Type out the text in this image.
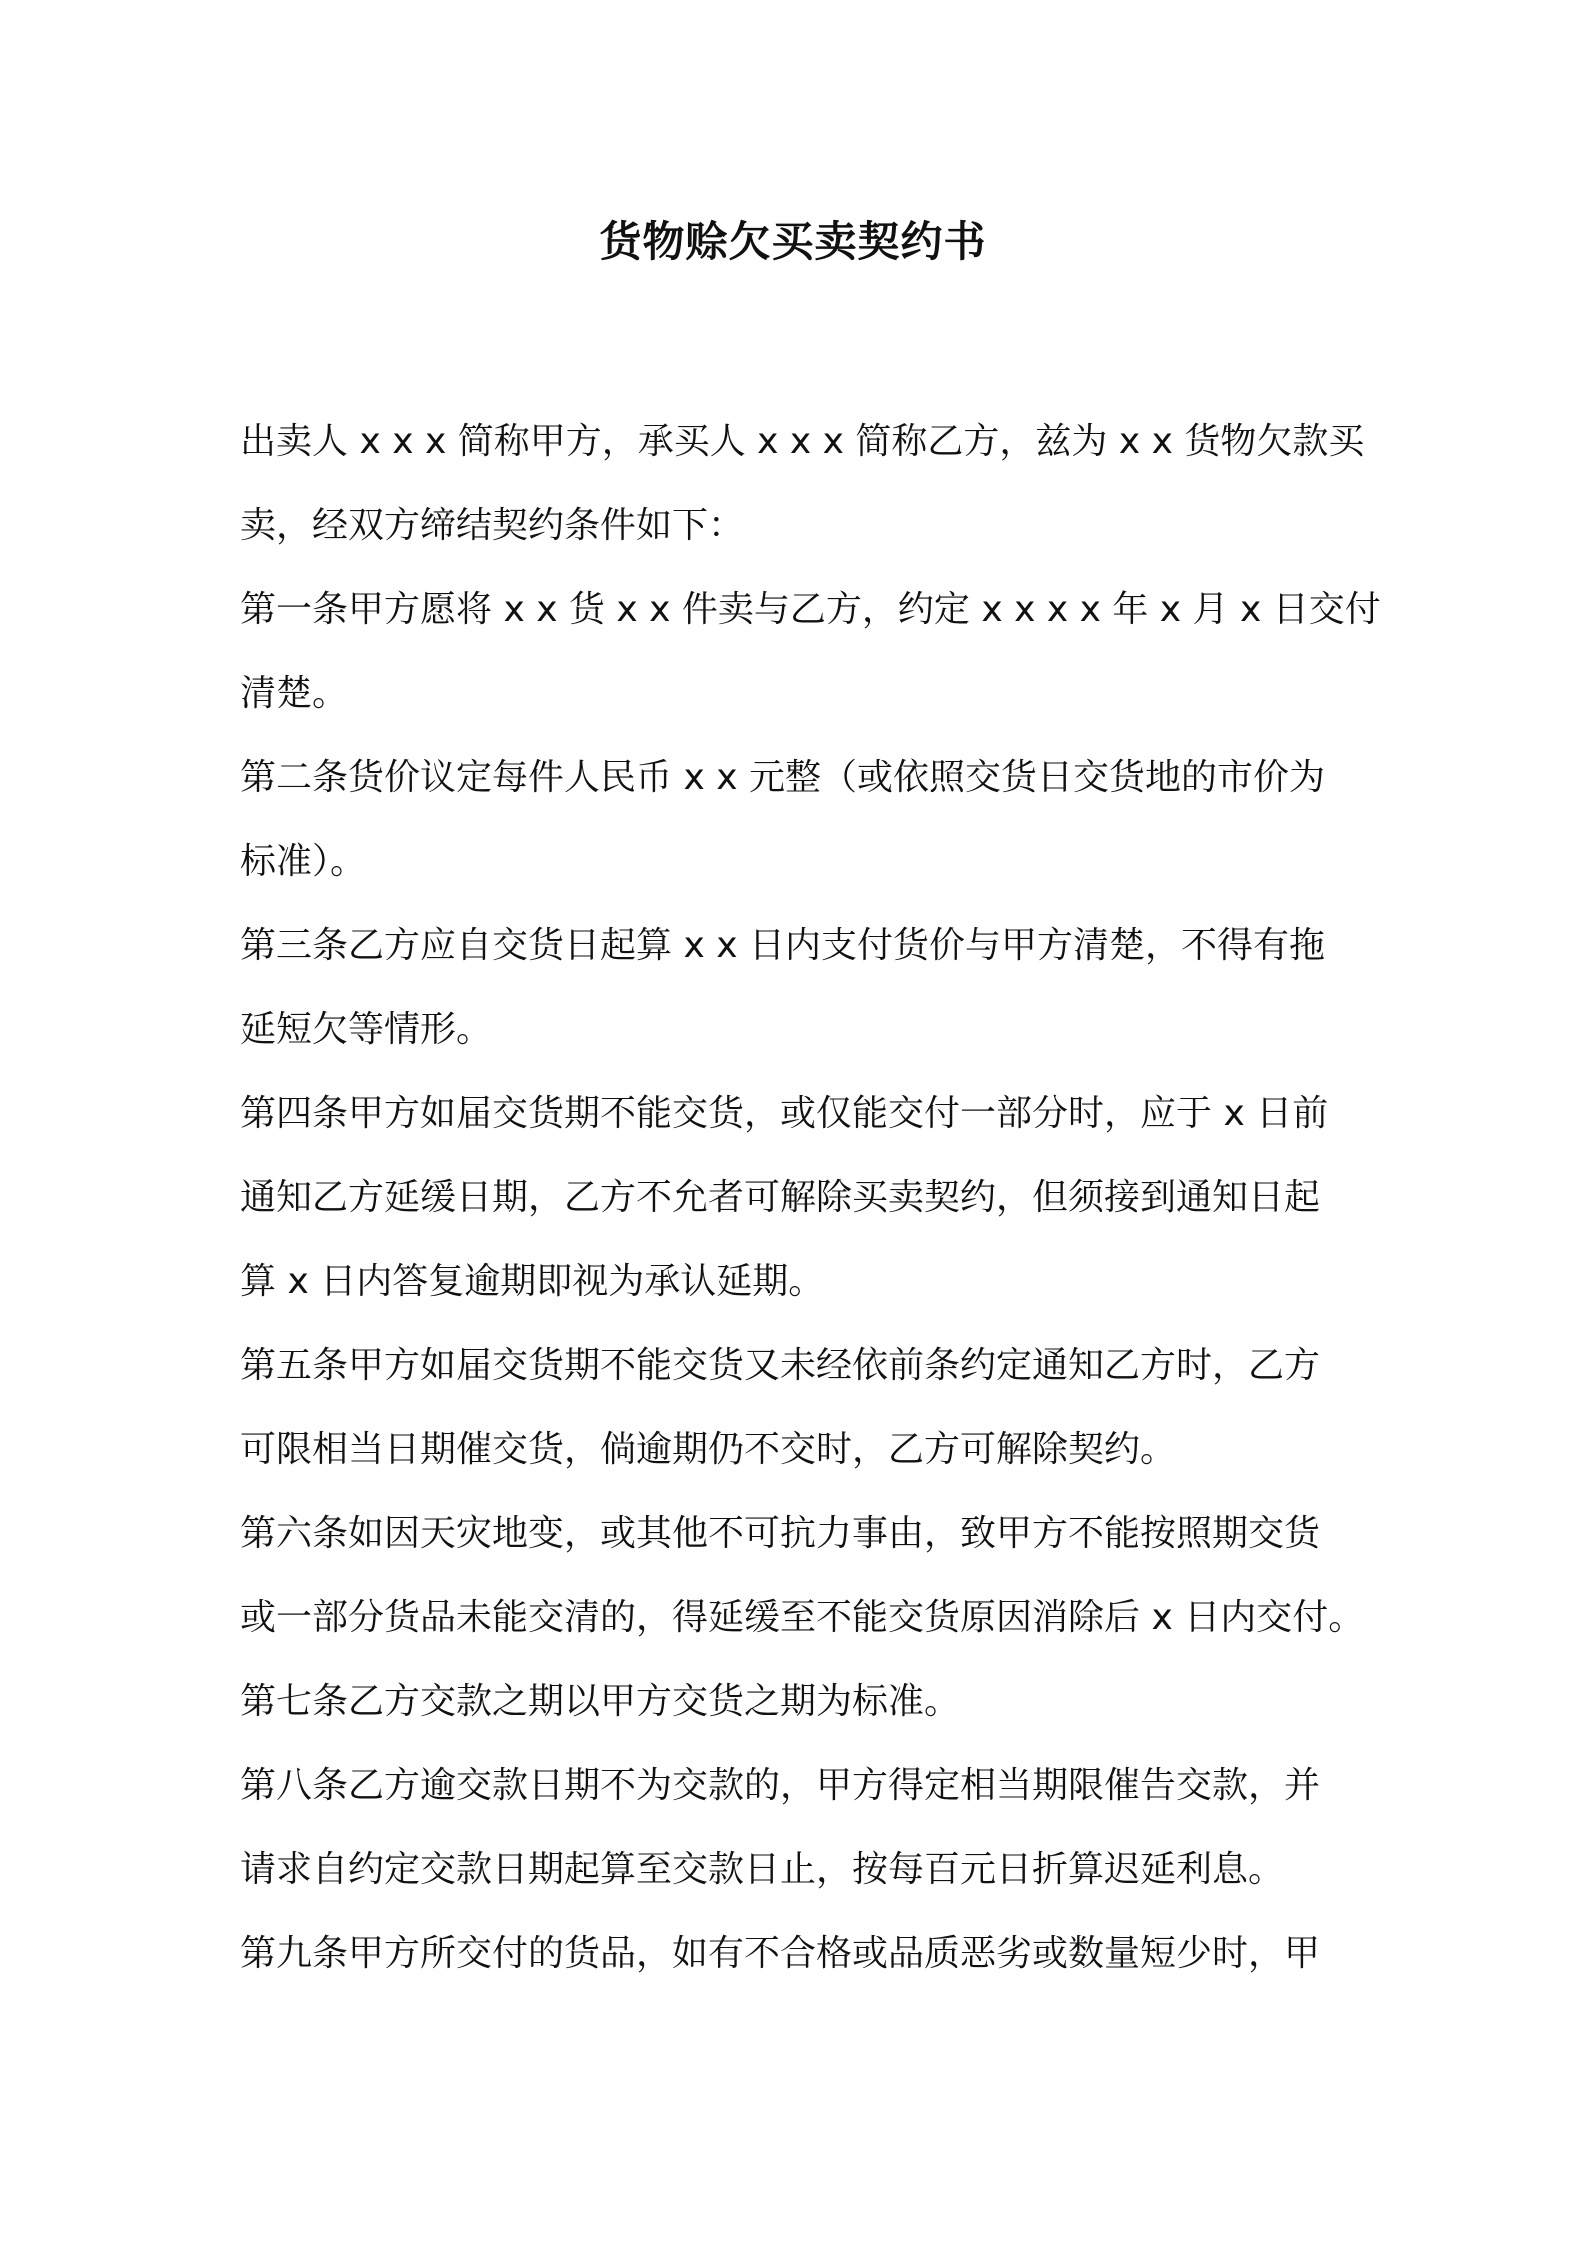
货物赊欠买卖契约书

出卖人 x x x 简称甲方，承买人 x x x 简称乙方，兹为 x x 货物欠款买

卖，经双方缔结契约条件如下：

第一条甲方愿将 x x 货 x x 件卖与乙方，约定 x x x x 年 x 月 x 日交付

清楚。

第二条货价议定每件人民币 x x 元整（或依照交货日交货地的市价为

标准）。

第三条乙方应自交货日起算 x x 日内支付货价与甲方清楚，不得有拖

延短欠等情形。

第四条甲方如届交货期不能交货，或仅能交付一部分时，应于 x 日前

通知乙方延缓日期，乙方不允者可解除买卖契约，但须接到通知日起

算 x 日内答复逾期即视为承认延期。

第五条甲方如届交货期不能交货又未经依前条约定通知乙方时，乙方

可限相当日期催交货，倘逾期仍不交时，乙方可解除契约。

第六条如因天灾地变，或其他不可抗力事由，致甲方不能按照期交货

或一部分货品未能交清的，得延缓至不能交货原因消除后 x 日内交付。

第七条乙方交款之期以甲方交货之期为标准。

第八条乙方逾交款日期不为交款的，甲方得定相当期限催告交款，并

请求自约定交款日期起算至交款日止，按每百元日折算迟延利息。

第九条甲方所交付的货品，如有不合格或品质恶劣或数量短少时，甲
